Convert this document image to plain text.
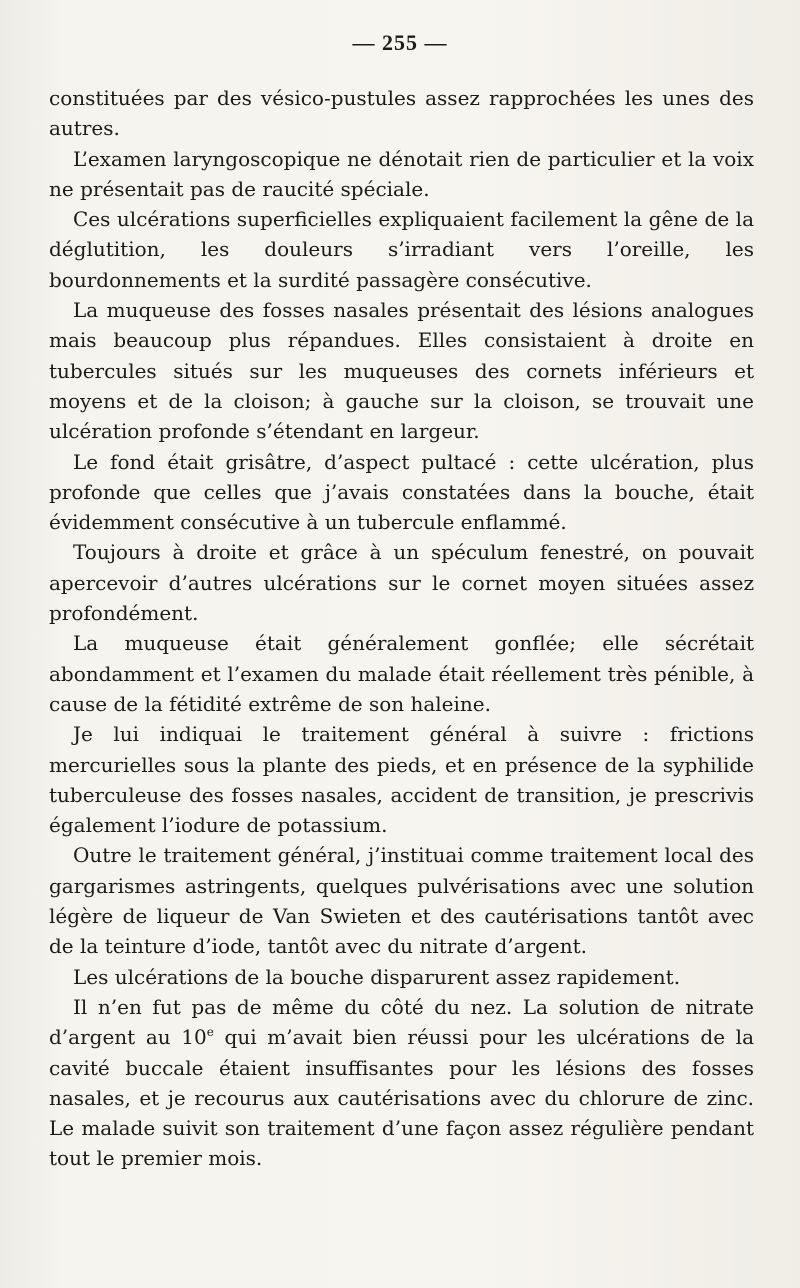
— 255 —

constituées par des vésico-pustules assez rapprochées les unes des autres.

L’examen laryngoscopique ne dénotait rien de particulier et la voix ne présentait pas de raucité spéciale.

Ces ulcérations superficielles expliquaient facilement la gêne de la déglutition, les douleurs s’irradiant vers l’oreille, les bourdonnements et la surdité passagère consécutive.

La muqueuse des fosses nasales présentait des lésions analogues mais beaucoup plus répandues. Elles consistaient à droite en tubercules situés sur les muqueuses des cornets inférieurs et moyens et de la cloison; à gauche sur la cloison, se trouvait une ulcération profonde s’étendant en largeur.

Le fond était grisâtre, d’aspect pultacé : cette ulcération, plus profonde que celles que j’avais constatées dans la bouche, était évidemment consécutive à un tubercule enflammé.

Toujours à droite et grâce à un spéculum fenestré, on pouvait apercevoir d’autres ulcérations sur le cornet moyen situées assez profondément.

La muqueuse était généralement gonflée; elle sécrétait abondamment et l’examen du malade était réellement très pénible, à cause de la fétidité extrême de son haleine.

Je lui indiquai le traitement général à suivre : frictions mercurielles sous la plante des pieds, et en présence de la syphilide tuberculeuse des fosses nasales, accident de transition, je prescrivis également l’iodure de potassium.

Outre le traitement général, j’instituai comme traitement local des gargarismes astringents, quelques pulvérisations avec une solution légère de liqueur de Van Swieten et des cautérisations tantôt avec de la teinture d’iode, tantôt avec du nitrate d’argent.

Les ulcérations de la bouche disparurent assez rapidement.

Il n’en fut pas de même du côté du nez. La solution de nitrate d’argent au 10e qui m’avait bien réussi pour les ulcérations de la cavité buccale étaient insuffisantes pour les lésions des fosses nasales, et je recourus aux cautérisations avec du chlorure de zinc. Le malade suivit son traitement d’une façon assez régulière pendant tout le premier mois.
